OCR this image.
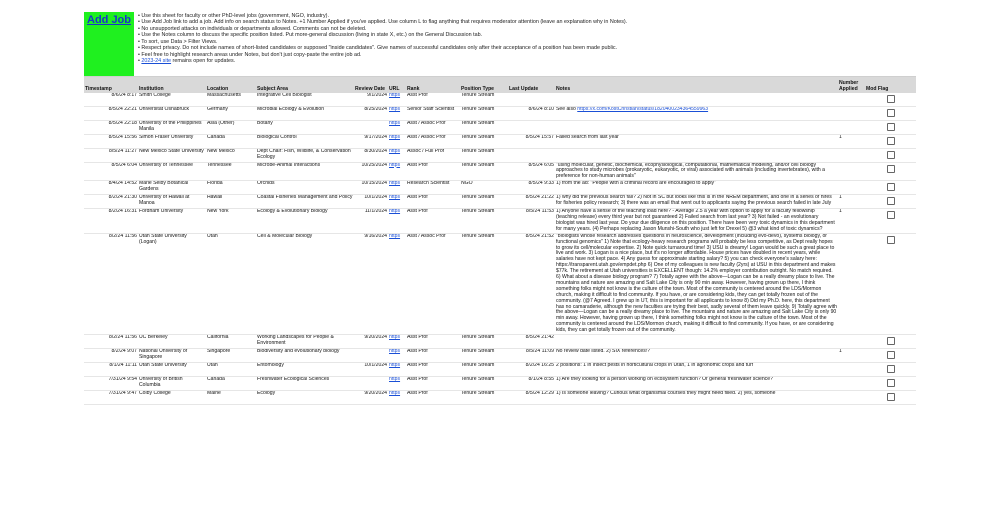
Add Job	• Use this sheet for faculty or other PhD-level jobs (government, NGO, industry).
• Use Add Job link to add a job. Add info on search status to Notes. +1 Number Applied if you've applied. Use column L to flag anything that requires moderator attention (leave an explanation why in Notes).
• No unsupported attacks on individuals or departments allowed. Comments can not be deleted.
• Use the Notes column to discuss the specific position listed. Put more-general discussion (living in state X, etc.) on the General Discussion tab.
• To sort, use Data > Filter Views.
• Respect privacy. Do not include names of short-listed candidates or supposed "inside candidates". Give names of successful candidates only after their acceptance of a position has been made public.
• Feel free to highlight research areas under Notes, but don't just copy-paste the entire job ad.
• 2023-24 site remains open for updates.
Timestamp	Institution	Location	Subject Area	Review Date	URL	Rank	Position Type	Last Update	Notes	Number Applied	Mod Flag
8/6/24 8:17	Smith College	Massachusetts	Integrative Cell Biologist	9/1/2024	https	Asst Prof	Tenure Stream				
8/5/24 22:21	Universität Osnabrück	Germany	Microbial Ecology & Evolution	8/25/2024	https	Senior Staff Scientist	Tenure Stream	8/6/24 8:10	See also https://x.com/KostChristian/status/1820400234364559963		
8/5/24 22:18	University of the Philippines Manila	Asia (Other)	Botany		https	Asst / Assoc Prof	Tenure Stream				
8/5/24 15:56	Simon Fraser University	Canada	Biological Control	9/17/2024	https	Asst / Assoc Prof	Tenure Stream	8/5/24 15:57	Failed search from last year	1	
8/5/24 11:27	New Mexico State University	New Mexico	Dept Chair: Fish, Wildlife, & Conservation Ecology	8/30/2024	https	Assoc / Full Prof	Tenure Stream				
8/5/24 6:04	University of Tennessee	Tennessee	Microbe-Animal Interactions	10/25/2024	https	Asst Prof	Tenure Stream	8/5/24 6:05	"using molecular, genetic, biochemical, ecophysiological, computational, mathematical modeling, and/or cell biology approaches to study microbes (prokaryotic, eukaryotic, or viral) associated with animals (including invertebrates), with a preference for non-human animals"		
8/4/24 14:52	Marie Selby Botanical Gardens	Florida	Orchids	10/15/2024	https	Research Scientist	NGO	8/5/24 9:33	1) from the ad: "People with a criminal record are encouraged to apply"		
8/2/24 21:30	University of Hawaii at Manoa	Hawaii	Coastal Fisheries Management and Policy	10/1/2024	https	Asst Prof	Tenure Stream	8/5/24 21:22	1) why did the previous search fail? 2) Not in SC but looks like this is in the NREM department, and one in a series of hires for fisheries policy research; 3) there was an email that went out to applicants saying the previous search failed in late July	1	
8/2/24 16:31	Fordham University	New York	Ecology & Evolutionary Biology	11/1/2024	https	Asst Prof	Tenure Stream	8/5/24 11:53	1) Anyone have a sense of the teaching load here? - Average 2.5 a year with option to apply for a faculty fellowship (teaching release) every third year but not guaranteed 2) Failed search from last year? 3) Not failed - an evolutionary biologist was hired last year. Do your due diligence on this position. There have been very toxic dynamics in this department for many years. (4) Perhaps replacing Jason Munshi-South who just left for Drexel 5) @3 what kind of toxic dynamics?	1	
8/2/24 11:56	Utah State University (Logan)	Utah	Cell & Molecular Biology	9/16/2024	https	Asst / Assoc Prof	Tenure Stream	8/5/24 21:52	"biologists whose research addresses questions in neuroscience, development (including evo-devo), systems biology, or functional genomics" 1) Note that ecology-heavy research programs will probably be less competitive, as Dept really hopes to grow its cell/molecular expertise. 2) Note quick turnaround time! 3) USU is dreamy! Logan would be such a great place to live and work. 3) Logan is a nice place, but it's no longer affordable. House prices have doubled in recent years, while salaries have not kept pace. 4) Any guess for approximate starting salary? 5) you can check everyone's salary here: https://transparent.utah.gov/empdet.php 6) One of my colleagues is new faculty (2yrs) at USU in this department and makes $77k. The retirement at Utah universities is EXCELLENT though: 14.2% employer contribution outright. No match required. 6) What about a disease biology program? 7) Totally agree with the above—Logan can be a really dreamy place to live. The mountains and nature are amazing and Salt Lake City is only 90 min away. However, having grown up there, I think something folks might not know is the culture of the town. Most of the community is centered around the LDS/Mormon church, making it difficult to find community. If you have, or are considering kids, they can get totally frozen out of the community. (@7 Agreed. I grew up in UT, this is important for all applicants to know 8) Did my Ph.D. here, this department has no camaraderie, although the new faculties are trying their best, sadly several of them leave quickly. 9) Totally agree with the above—Logan can be a really dreamy place to live. The mountains and nature are amazing and Salt Lake City is only 90 min away. However, having grown up there, I think something folks might not know is the culture of the town. Most of the community is centered around the LDS/Mormon church, making it difficult to find community. If you have, or are considering kids, they can get totally frozen out of the community.		
8/2/24 11:56	UC Berkeley	California	Working Landscapes for People & Environment	9/20/2024	https	Asst Prof	Tenure Stream	8/5/24 21:42			
8/2/24 9:07	National University of Singapore	Singapore	Biodiversity and evolutionary biology		https	Asst Prof	Tenure Stream	8/5/24 11:09	No review date listed. 2) SIX references!?	1	
8/1/24 11:11	Utah State University	Utah	Entomology	10/1/2024	https	Asst Prof	Tenure Stream	8/2/24 16:25	2 positions: 1 in insect pests in horticultural crops in Utah, 1 in agronomic crops and turf		
7/31/24 9:54	University of British Columbia	Canada	Freshwater Ecological Sciences		https	Asst Prof	Tenure Stream	8/1/24 8:55	1) Are they looking for a person working on ecosystem function? Or general freshwater science?		
7/31/24 9:47	Colby College	Maine	Ecology	9/20/2024	https	Asst Prof	Tenure Stream	8/5/24 12:29	1) Is someone leaving? Curious what organismal courses they might need filled. 2) yes, someone		
